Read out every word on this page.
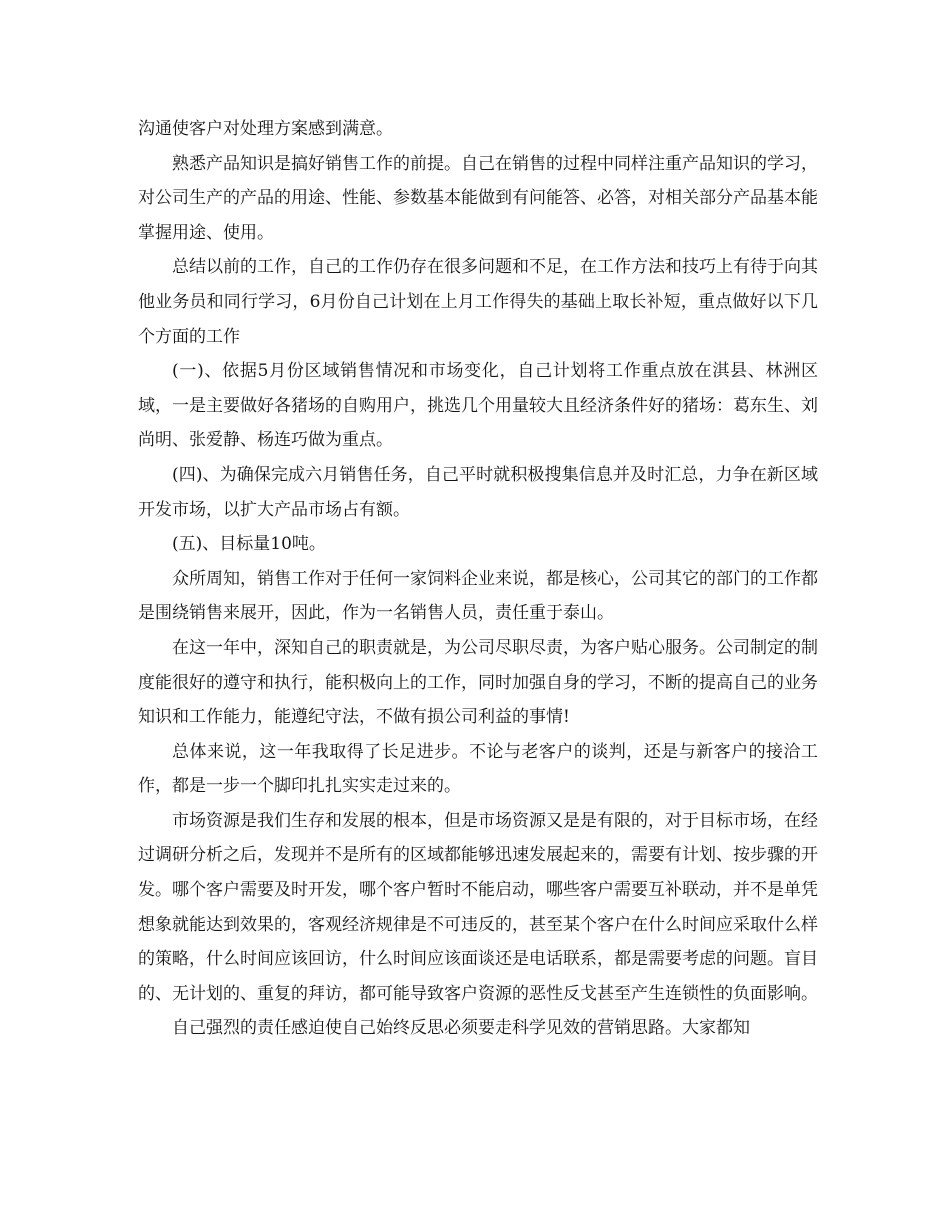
沟通使客户对处理方案感到满意。

熟悉产品知识是搞好销售工作的前提。自己在销售的过程中同样注重产品知识的学习，对公司生产的产品的用途、性能、参数基本能做到有问能答、必答，对相关部分产品基本能掌握用途、使用。

总结以前的工作，自己的工作仍存在很多问题和不足，在工作方法和技巧上有待于向其他业务员和同行学习，6月份自己计划在上月工作得失的基础上取长补短，重点做好以下几个方面的工作

(一)、依据5月份区域销售情况和市场变化，自己计划将工作重点放在淇县、林洲区域，一是主要做好各猪场的自购用户，挑选几个用量较大且经济条件好的猪场：葛东生、刘尚明、张爱静、杨连巧做为重点。

(四)、为确保完成六月销售任务，自己平时就积极搜集信息并及时汇总，力争在新区域开发市场，以扩大产品市场占有额。

(五)、目标量10吨。

众所周知，销售工作对于任何一家饲料企业来说，都是核心，公司其它的部门的工作都是围绕销售来展开，因此，作为一名销售人员，责任重于泰山。

在这一年中，深知自己的职责就是，为公司尽职尽责，为客户贴心服务。公司制定的制度能很好的遵守和执行，能积极向上的工作，同时加强自身的学习，不断的提高自己的业务知识和工作能力，能遵纪守法，不做有损公司利益的事情!

总体来说，这一年我取得了长足进步。不论与老客户的谈判，还是与新客户的接洽工作，都是一步一个脚印扎扎实实走过来的。

市场资源是我们生存和发展的根本，但是市场资源又是是有限的，对于目标市场，在经过调研分析之后，发现并不是所有的区域都能够迅速发展起来的，需要有计划、按步骤的开发。哪个客户需要及时开发，哪个客户暂时不能启动，哪些客户需要互补联动，并不是单凭想象就能达到效果的，客观经济规律是不可违反的，甚至某个客户在什么时间应采取什么样的策略，什么时间应该回访，什么时间应该面谈还是电话联系，都是需要考虑的问题。盲目的、无计划的、重复的拜访，都可能导致客户资源的恶性反戈甚至产生连锁性的负面影响。

自己强烈的责任感迫使自己始终反思必须要走科学见效的营销思路。大家都知
